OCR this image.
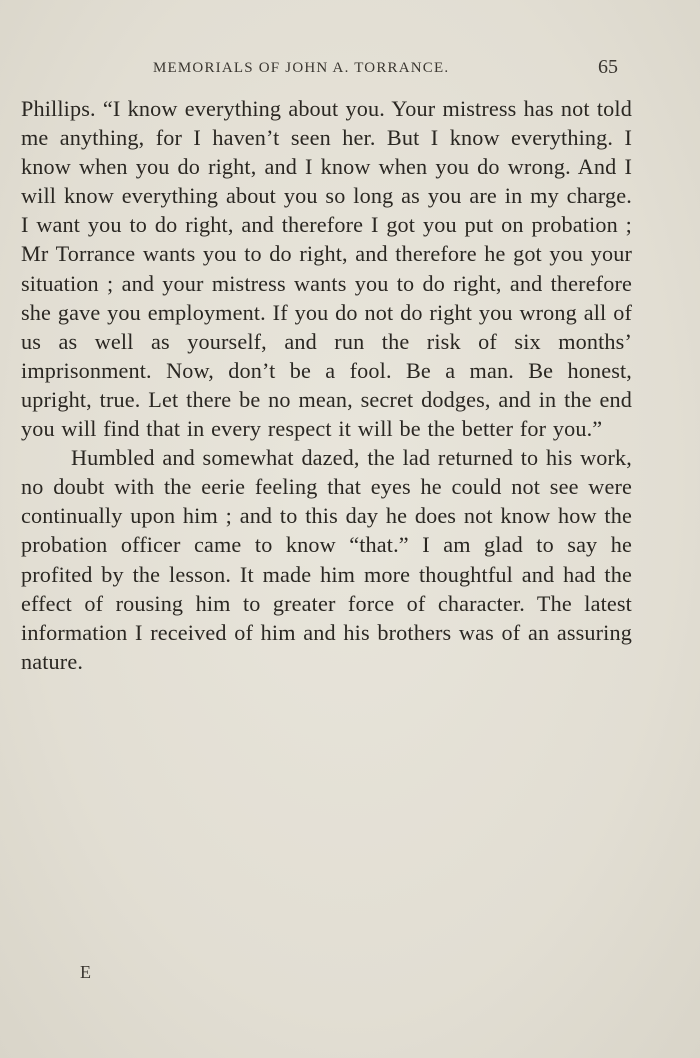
MEMORIALS OF JOHN A. TORRANCE.	65

Phillips. “I know everything about you. Your mistress has not told me anything, for I haven’t seen her. But I know everything. I know when you do right, and I know when you do wrong. And I will know everything about you so long as you are in my charge. I want you to do right, and therefore I got you put on probation ; Mr Torrance wants you to do right, and therefore he got you your situation ; and your mistress wants you to do right, and therefore she gave you employment. If you do not do right you wrong all of us as well as yourself, and run the risk of six months’ imprisonment. Now, don’t be a fool. Be a man. Be honest, upright, true. Let there be no mean, secret dodges, and in the end you will find that in every respect it will be the better for you.”

Humbled and somewhat dazed, the lad returned to his work, no doubt with the eerie feeling that eyes he could not see were continually upon him ; and to this day he does not know how the probation officer came to know “that.” I am glad to say he profited by the lesson. It made him more thoughtful and had the effect of rousing him to greater force of character. The latest information I received of him and his brothers was of an assuring nature.

E
